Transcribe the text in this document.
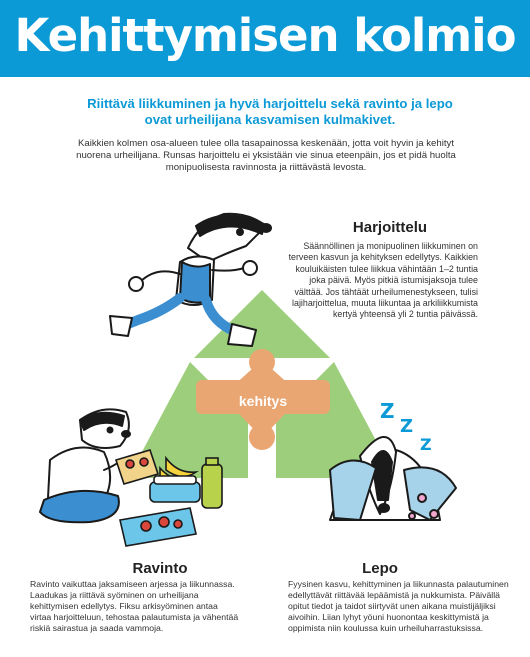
Kehittymisen kolmio

Riittävä liikkuminen ja hyvä harjoittelu sekä ravinto ja lepo ovat urheilijana kasvamisen kulmakivet.

Kaikkien kolmen osa-alueen tulee olla tasapainossa keskenään, jotta voit hyvin ja kehityt nuorena urheilijana. Runsas harjoittelu ei yksistään vie sinua eteenpäin, jos et pidä huolta monipuolisesta ravinnosta ja riittävästä levosta.

kehitys	Z
Z
Z
Harjoittelu

Säännöllinen ja monipuolinen liikkuminen on terveen kasvun ja kehityksen edellytys. Kaikkien kouluikäisten tulee liikkua vähintään 1–2 tuntia joka päivä. Myös pitkiä istumisjaksoja tulee välttää. Jos tähtäät urheilumenestykseen, tulisi lajiharjoittelua, muuta liikuntaa ja arkiliikkumista kertyä yhteensä yli 2 tuntia päivässä.

Ravinto

Ravinto vaikuttaa jaksamiseen arjessa ja liikunnassa. Laadukas ja riittävä syöminen on urheilijana kehittymisen edellytys. Fiksu arkisyöminen antaa virtaa harjoitteluun, tehostaa palautumista ja vähentää riskiä sairastua ja saada vammoja.

Lepo

Fyysinen kasvu, kehittyminen ja liikunnasta palautuminen edellyttävät riittävää lepäämistä ja nukkumista. Päivällä opitut tiedot ja taidot siirtyvät unen aikana muistijäljiksi aivoihin. Liian lyhyt yöuni huonontaa keskittymistä ja oppimista niin koulussa kuin urheiluharrastuksissa.
